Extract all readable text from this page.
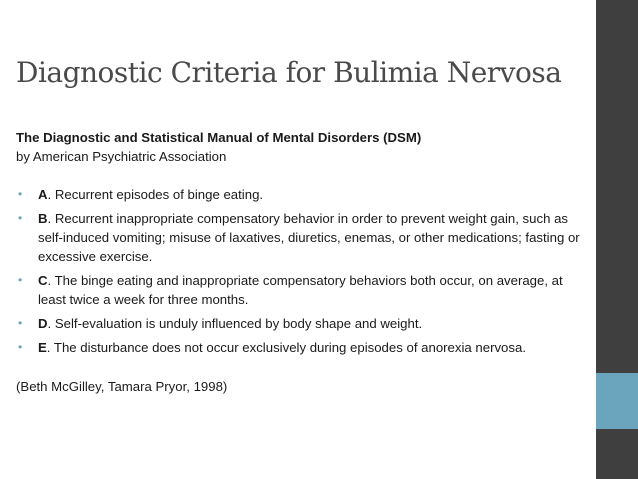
Diagnostic Criteria for Bulimia Nervosa
The Diagnostic and Statistical Manual of Mental Disorders (DSM)
by American Psychiatric Association
• A. Recurrent episodes of binge eating.
• B. Recurrent inappropriate compensatory behavior in order to prevent weight gain, such as self-induced vomiting; misuse of laxatives, diuretics, enemas, or other medications; fasting or excessive exercise.
• C. The binge eating and inappropriate compensatory behaviors both occur, on average, at least twice a week for three months.
• D. Self-evaluation is unduly influenced by body shape and weight.
• E. The disturbance does not occur exclusively during episodes of anorexia nervosa.
(Beth McGilley, Tamara Pryor, 1998)
